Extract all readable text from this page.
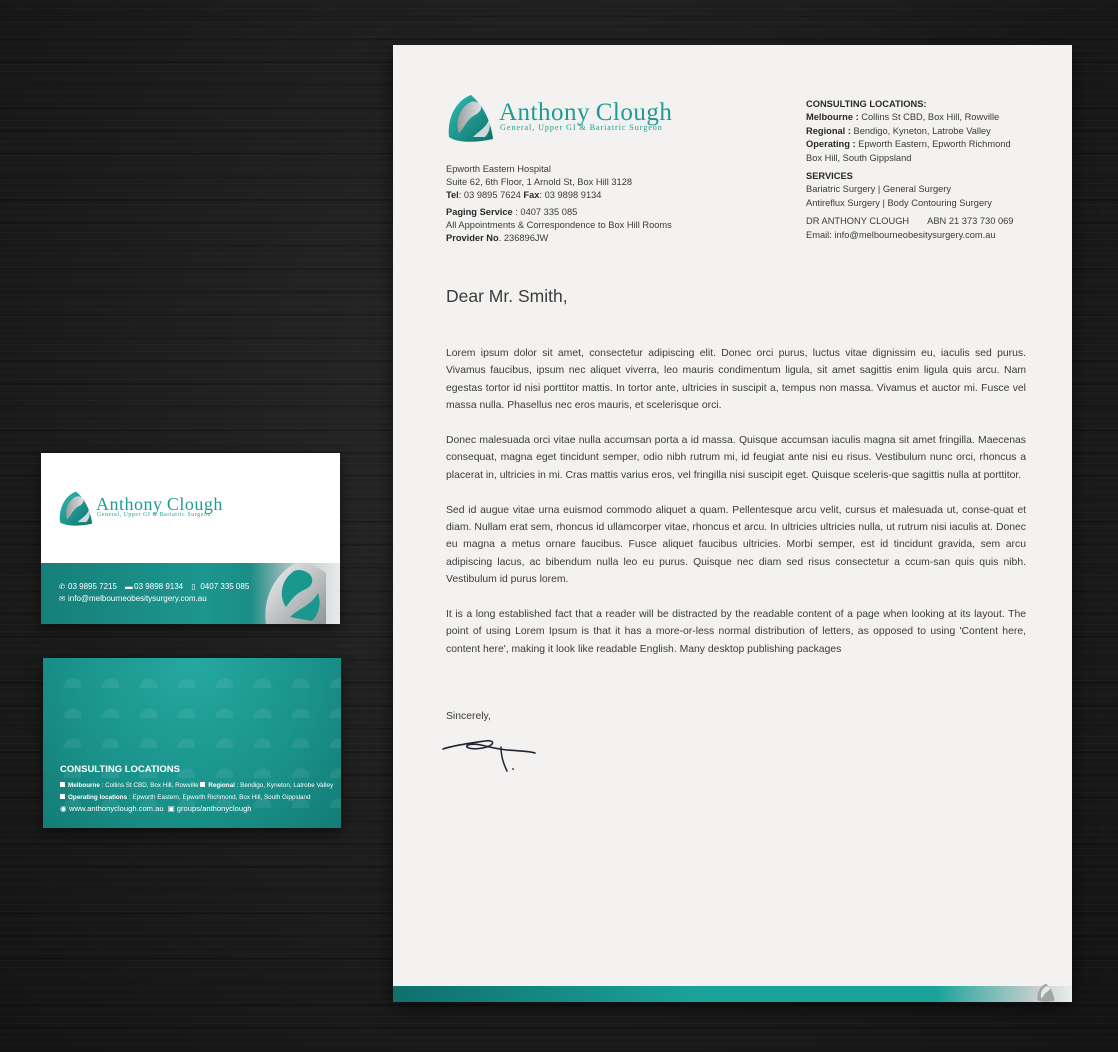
Anthony Clough
General, Upper GI & Bariatric Surgeon
Epworth Eastern Hospital
Suite 62, 6th Floor, 1 Arnold St, Box Hill 3128
Tel: 03 9895 7624 Fax: 03 9898 9134
Paging Service : 0407 335 085
All Appointments & Correspondence to Box Hill Rooms
Provider No. 236896JW
CONSULTING LOCATIONS:
Melbourne : Collins St CBD, Box Hill, Rowville
Regional : Bendigo, Kyneton, Latrobe Valley
Operating : Epworth Eastern, Epworth Richmond
Box Hill, South Gippsland
SERVICES
Bariatric Surgery | General Surgery
Antireflux Surgery | Body Contouring Surgery
DR ANTHONY CLOUGH ABN 21 373 730 069
Email: info@melbourneobesitysurgery.com.au
Dear Mr. Smith,

Lorem ipsum dolor sit amet, consectetur adipiscing elit. Donec orci purus, luctus vitae dignissim eu, iaculis sed purus. Vivamus faucibus, ipsum nec aliquet viverra, leo mauris condimentum ligula, sit amet sagittis enim ligula quis arcu. Nam egestas tortor id nisi porttitor mattis. In tortor ante, ultricies in suscipit a, tempus non massa. Vivamus et auctor mi. Fusce vel massa nulla. Phasellus nec eros mauris, et scelerisque orci.

Donec malesuada orci vitae nulla accumsan porta a id massa. Quisque accumsan iaculis magna sit amet fringilla. Maecenas consequat, magna eget tincidunt semper, odio nibh rutrum mi, id feugiat ante nisi eu risus. Vestibulum nunc orci, rhoncus a placerat in, ultricies in mi. Cras mattis varius eros, vel fringilla nisi suscipit eget. Quisque sceleris-que sagittis nulla at porttitor.

Sed id augue vitae urna euismod commodo aliquet a quam. Pellentesque arcu velit, cursus et malesuada ut, conse-quat et diam. Nullam erat sem, rhoncus id ullamcorper vitae, rhoncus et arcu. In ultricies ultricies nulla, ut rutrum nisi iaculis at. Donec eu magna a metus ornare faucibus. Fusce aliquet faucibus ultricies. Morbi semper, est id tincidunt gravida, sem arcu adipiscing lacus, ac bibendum nulla leo eu purus. Quisque nec diam sed risus consectetur a ccum-san quis quis nibh. Vestibulum id purus lorem.

It is a long established fact that a reader will be distracted by the readable content of a page when looking at its layout. The point of using Lorem Ipsum is that it has a more-or-less normal distribution of letters, as opposed to using 'Content here, content here', making it look like readable English. Many desktop publishing packages

Sincerely,
Anthony Clough
General, Upper GI & Bariatric Surgeon
✆ 03 9895 7215 ▬ 03 9898 9134 ▯ 0407 335 085
✉ info@melbourneobesitysurgery.com.au
CONSULTING LOCATIONS
Melbourne : Collins St CBD, Box Hill, Rowville Regional : Bendigo, Kyneton, Latrobe Valley
Operating locations : Epworth Eastern, Epworth Richmond, Box Hill, South Gippsland
◉ www.anthonyclough.com.au ▣ groups/anthonyclough
